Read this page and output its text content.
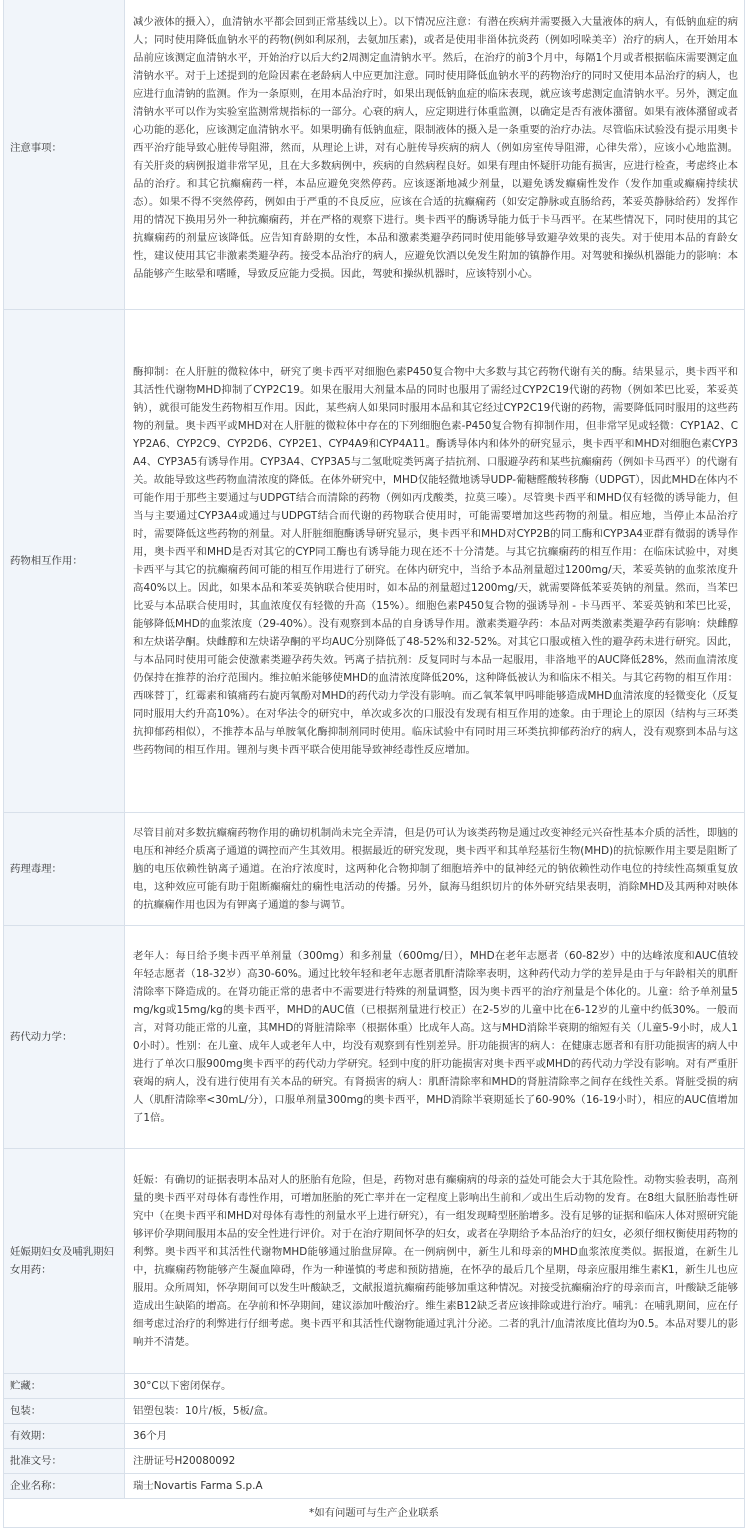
注意事项：	减少液体的摄入），血清钠水平都会回到正常基线以上）。以下情况应注意：有潜在疾病并需要摄入大量液体的病人，有低钠血症的病人；同时使用降低血钠水平的药物(例如利尿剂，去氨加压素)，或者是使用非甾体抗炎药（例如吲哚美辛）治疗的病人，在开始用本品前应该测定血清钠水平，开始治疗以后大约2周测定血清钠水平。然后，在治疗的前3个月中，每隔1个月或者根据临床需要测定血清钠水平。对于上述提到的危险因素在老龄病人中应更加注意。同时使用降低血钠水平的药物治疗的同时又使用本品治疗的病人，也应进行血清钠的监测。作为一条原则，在用本品治疗时，如果出现低钠血症的临床表现，就应该考虑测定血清钠水平。另外，测定血清钠水平可以作为实验室监测常规指标的一部分。心衰的病人，应定期进行体重监测，以确定是否有液体潴留。如果有液体潴留或者心功能的恶化，应该测定血清钠水平。如果明确有低钠血症，限制液体的摄入是一条重要的治疗办法。尽管临床试验没有提示用奥卡西平治疗能导致心脏传导阻滞，然而，从理论上讲，对有心脏传导疾病的病人（例如房室传导阻滞，心律失常），应该小心地监测。有关肝炎的病例报道非常罕见，且在大多数病例中，疾病的自然病程良好。如果有理由怀疑肝功能有损害，应进行检查，考虑终止本品的治疗。和其它抗癫痫药一样，本品应避免突然停药。应该逐渐地减少剂量，以避免诱发癫痫性发作（发作加重或癫痫持续状态）。如果不得不突然停药，例如由于严重的不良反应，应该在合适的抗癫痫药（如安定静脉或直肠给药，苯妥英静脉给药）发挥作用的情况下换用另外一种抗癫痫药，并在严格的观察下进行。奥卡西平的酶诱导能力低于卡马西平。在某些情况下，同时使用的其它抗癫痫药的剂量应该降低。应告知育龄期的女性，本品和激素类避孕药同时使用能够导致避孕效果的丧失。对于使用本品的育龄女性，建议使用其它非激素类避孕药。接受本品治疗的病人，应避免饮酒以免发生附加的镇静作用。对驾驶和操纵机器能力的影响：本品能够产生眩晕和嗜睡，导致反应能力受损。因此，驾驶和操纵机器时，应该特别小心。
药物相互作用：	酶抑制：在人肝脏的微粒体中，研究了奥卡西平对细胞色素P450复合物中大多数与其它药物代谢有关的酶。结果显示，奥卡西平和其活性代谢物MHD抑制了CYP2C19。如果在服用大剂量本品的同时也服用了需经过CYP2C19代谢的药物（例如苯巴比妥，苯妥英钠），就很可能发生药物相互作用。因此，某些病人如果同时服用本品和其它经过CYP2C19代谢的药物，需要降低同时服用的这些药物的剂量。奥卡西平或MHD对在人肝脏的微粒体中存在的下列细胞色素-P450复合物有抑制作用，但非常罕见或轻微：CYP1A2、CYP2A6、CYP2C9、CYP2D6、CYP2E1、CYP4A9和CYP4A11。酶诱导体内和体外的研究显示，奥卡西平和MHD对细胞色素CYP3A4、CYP3A5有诱导作用。CYP3A4、CYP3A5与二氢吡啶类钙离子拮抗剂、口服避孕药和某些抗癫痫药（例如卡马西平）的代谢有关。故能导致这些药物血清浓度的降低。在体外研究中，MHD仅能轻微地诱导UDP-葡糖醛酸转移酶（UDPGT），因此MHD在体内不可能作用于那些主要通过与UDPGT结合而清除的药物（例如丙戊酸类，拉莫三嗪）。尽管奥卡西平和MHD仅有轻微的诱导能力，但当与主要通过CYP3A4或通过与UDPGT结合而代谢的药物联合使用时，可能需要增加这些药物的剂量。相应地，当停止本品治疗时，需要降低这些药物的剂量。对人肝脏细胞酶诱导研究显示，奥卡西平和MHD对CYP2B的同工酶和CYP3A4亚群有微弱的诱导作用，奥卡西平和MHD是否对其它的CYP同工酶也有诱导能力现在还不十分清楚。与其它抗癫痫药的相互作用：在临床试验中，对奥卡西平与其它的抗癫痫药间可能的相互作用进行了研究。在体内研究中，当给予本品剂量超过1200mg/天，苯妥英钠的血浆浓度升高40%以上。因此，如果本品和苯妥英钠联合使用时，如本品的剂量超过1200mg/天，就需要降低苯妥英钠的剂量。然而，当苯巴比妥与本品联合使用时，其血浓度仅有轻微的升高（15%）。细胞色素P450复合物的强诱导剂 - 卡马西平、苯妥英钠和苯巴比妥，能够降低MHD的血浆浓度（29-40%）。没有观察到本品的自身诱导作用。激素类避孕药：本品对两类激素类避孕药有影响：炔雌醇和左炔诺孕酮。炔雌醇和左炔诺孕酮的平均AUC分别降低了48-52%和32-52%。对其它口服或植入性的避孕药未进行研究。因此，与本品同时使用可能会使激素类避孕药失效。钙离子拮抗剂：反复同时与本品一起服用，非洛地平的AUC降低28%，然而血清浓度仍保持在推荐的治疗范围内。维拉帕米能够使MHD的血清浓度降低20%，这种降低被认为和临床不相关。与其它药物的相互作用：西咪替丁，红霉素和镇痛药右旋丙氧酚对MHD的药代动力学没有影响。而乙氧苯氧甲吗啡能够造成MHD血清浓度的轻微变化（反复同时服用大约升高10%）。在对华法令的研究中，单次或多次的口服没有发现有相互作用的迹象。由于理论上的原因（结构与三环类抗抑郁药相似），不推荐本品与单胺氧化酶抑制剂同时使用。临床试验中有同时用三环类抗抑郁药治疗的病人，没有观察到本品与这些药物间的相互作用。锂剂与奥卡西平联合使用能导致神经毒性反应增加。
药理毒理：	尽管目前对多数抗癫痫药物作用的确切机制尚未完全弄清，但是仍可认为该类药物是通过改变神经元兴奋性基本介质的活性，即脑的电压和神经介质离子通道的调控而产生其效用。根据最近的研究发现，奥卡西平和其单羟基衍生物(MHD)的抗惊厥作用主要是阻断了脑的电压依赖性钠离子通道。在治疗浓度时，这两种化合物抑制了细胞培养中的鼠神经元的钠依赖性动作电位的持续性高频重复放电，这种效应可能有助于阻断癫痫灶的痫性电活动的传播。另外，鼠海马组织切片的体外研究结果表明，消除MHD及其两种对映体的抗癫痫作用也因为有钾离子通道的参与调节。
药代动力学：	老年人：每日给予奥卡西平单剂量（300mg）和多剂量（600mg/日），MHD在老年志愿者（60-82岁）中的达峰浓度和AUC值较年轻志愿者（18-32岁）高30-60%。通过比较年轻和老年志愿者肌酐清除率表明，这种药代动力学的差异是由于与年龄相关的肌酐清除率下降造成的。在肾功能正常的患者中不需要进行特殊的剂量调整，因为奥卡西平的治疗剂量是个体化的。儿童：给予单剂量5mg/kg或15mg/kg的奥卡西平，MHD的AUC值（已根据剂量进行校正）在2-5岁的儿童中比在6-12岁的儿童中约低30%。一般而言，对肾功能正常的儿童，其MHD的肾脏清除率（根据体重）比成年人高。这与MHD消除半衰期的缩短有关（儿童5-9小时，成人10小时）。性别：在儿童、成年人或老年人中，均没有观察到有性别差异。肝功能损害的病人：在健康志愿者和有肝功能损害的病人中进行了单次口服900mg奥卡西平的药代动力学研究。轻到中度的肝功能损害对奥卡西平或MHD的药代动力学没有影响。对有严重肝衰竭的病人，没有进行使用有关本品的研究。有肾损害的病人：肌酐清除率和MHD的肾脏清除率之间存在线性关系。肾脏受损的病人（肌酐清除率<30mL/分），口服单剂量300mg的奥卡西平，MHD消除半衰期延长了60-90%（16-19小时），相应的AUC值增加了1倍。
妊娠期妇女及哺乳期妇女用药：	妊娠：有确切的证据表明本品对人的胚胎有危险，但是，药物对患有癫痫病的母亲的益处可能会大于其危险性。动物实验表明，高剂量的奥卡西平对母体有毒性作用，可增加胚胎的死亡率并在一定程度上影响出生前和／或出生后动物的发育。在8组大鼠胚胎毒性研究中（在奥卡西平和MHD对母体有毒性的剂量水平上进行研究），有一组发现畸型胚胎增多。没有足够的证据和临床人体对照研究能够评价孕期间服用本品的安全性进行评价。对于在治疗期间怀孕的妇女，或者在孕期给予本品治疗的妇女，必须仔细权衡使用药物的利弊。奥卡西平和其活性代谢物MHD能够通过胎盘屏障。在一例病例中，新生儿和母亲的MHD血浆浓度类似。据报道，在新生儿中，抗癫痫药物能够产生凝血障碍，作为一种谨慎的考虑和预防措施，在怀孕的最后几个星期，母亲应服用维生素K1，新生儿也应服用。众所周知，怀孕期间可以发生叶酸缺乏，文献报道抗癫痫药能够加重这种情况。对接受抗癫痫治疗的母亲而言，叶酸缺乏能够造成出生缺陷的增高。在孕前和怀孕期间，建议添加叶酸治疗。维生素B12缺乏者应该排除或进行治疗。哺乳：在哺乳期间，应在仔细考虑过治疗的利弊进行仔细考虑。奥卡西平和其活性代谢物能通过乳汁分泌。二者的乳汁/血清浓度比值均为0.5。本品对婴儿的影响并不清楚。
贮藏：	30°C以下密闭保存。
包装：	铝塑包装：10片/板，5板/盒。
有效期：	36个月
批准文号：	注册证号H20080092
企业名称：	瑞士Novartis Farma S.p.A
*如有问题可与生产企业联系	
